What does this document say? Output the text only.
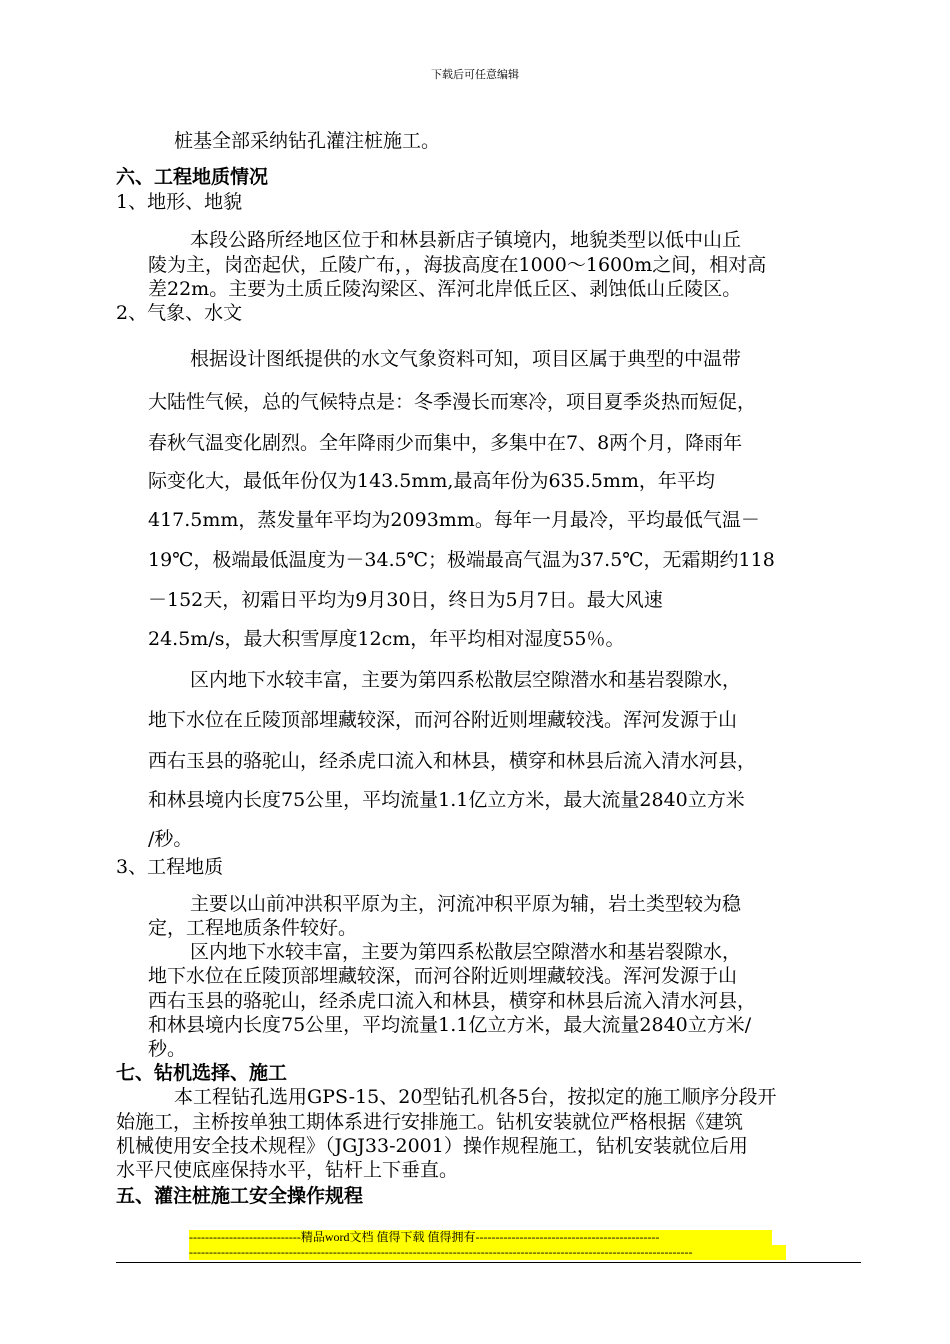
下载后可任意编辑
桩基全部采纳钻孔灌注桩施工。
六、工程地质情况
1、地形、地貌
本段公路所经地区位于和林县新店子镇境内，地貌类型以低中山丘
陵为主，岗峦起伏，丘陵广布，，海拔高度在1000～1600m之间，相对高
差22m。主要为土质丘陵沟梁区、浑河北岸低丘区、剥蚀低山丘陵区。
2、气象、水文
根据设计图纸提供的水文气象资料可知，项目区属于典型的中温带
大陆性气候，总的气候特点是：冬季漫长而寒冷，项目夏季炎热而短促，
春秋气温变化剧烈。全年降雨少而集中，多集中在7、8两个月，降雨年
际变化大，最低年份仅为143.5mm,最高年份为635.5mm，年平均
417.5mm，蒸发量年平均为2093mm。每年一月最冷，平均最低气温－
19℃，极端最低温度为－34.5℃；极端最高气温为37.5℃，无霜期约118
－152天，初霜日平均为9月30日，终日为5月7日。最大风速
24.5m/s，最大积雪厚度12cm，年平均相对湿度55％。
区内地下水较丰富，主要为第四系松散层空隙潜水和基岩裂隙水，
地下水位在丘陵顶部埋藏较深，而河谷附近则埋藏较浅。浑河发源于山
西右玉县的骆驼山，经杀虎口流入和林县，横穿和林县后流入清水河县，
和林县境内长度75公里，平均流量1.1亿立方米，最大流量2840立方米
/秒。
3、工程地质
主要以山前冲洪积平原为主，河流冲积平原为辅，岩土类型较为稳
定，工程地质条件较好。
区内地下水较丰富，主要为第四系松散层空隙潜水和基岩裂隙水，
地下水位在丘陵顶部埋藏较深，而河谷附近则埋藏较浅。浑河发源于山
西右玉县的骆驼山，经杀虎口流入和林县，横穿和林县后流入清水河县，
和林县境内长度75公里，平均流量1.1亿立方米，最大流量2840立方米/
秒。
七、钻机选择、施工
本工程钻孔选用GPS-15、20型钻孔机各5台，按拟定的施工顺序分段开
始施工，主桥按单独工期体系进行安排施工。钻机安装就位严格根据《建筑
机械使用安全技术规程》（JGJ33-2001）操作规程施工，钻机安装就位后用
水平尺使底座保持水平，钻杆上下垂直。
五、灌注桩施工安全操作规程
----------------------------精品word文档 值得下载 值得拥有----------------------------------------------
------------------------------------------------------------------------------------------------------------------------------
